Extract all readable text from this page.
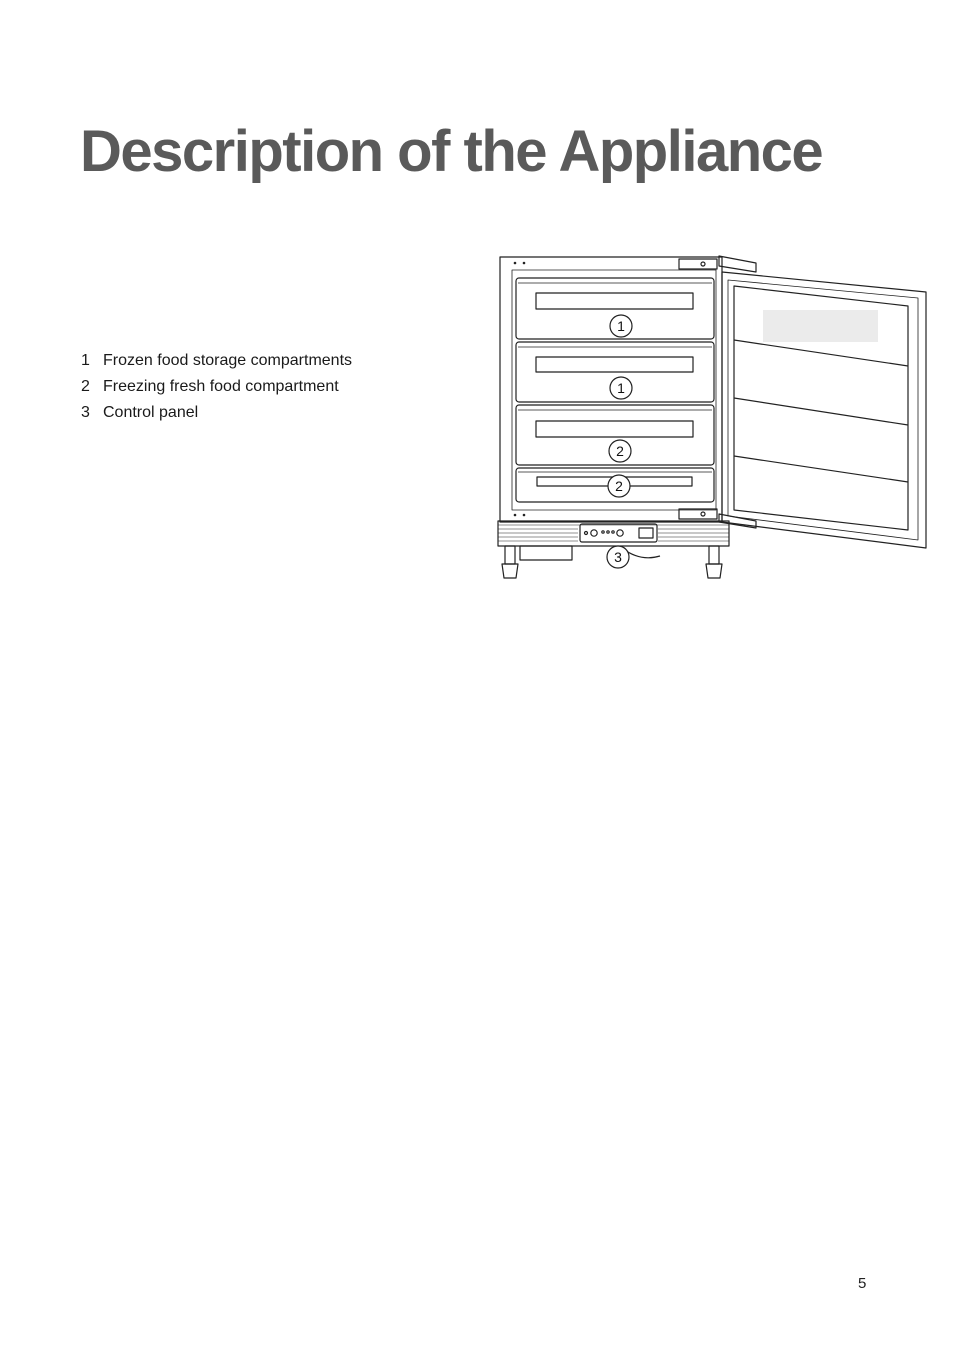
Description of the Appliance
1 Frozen food storage compartments
2 Freezing fresh food compartment
3 Control panel
1
1
2
2
3
5
